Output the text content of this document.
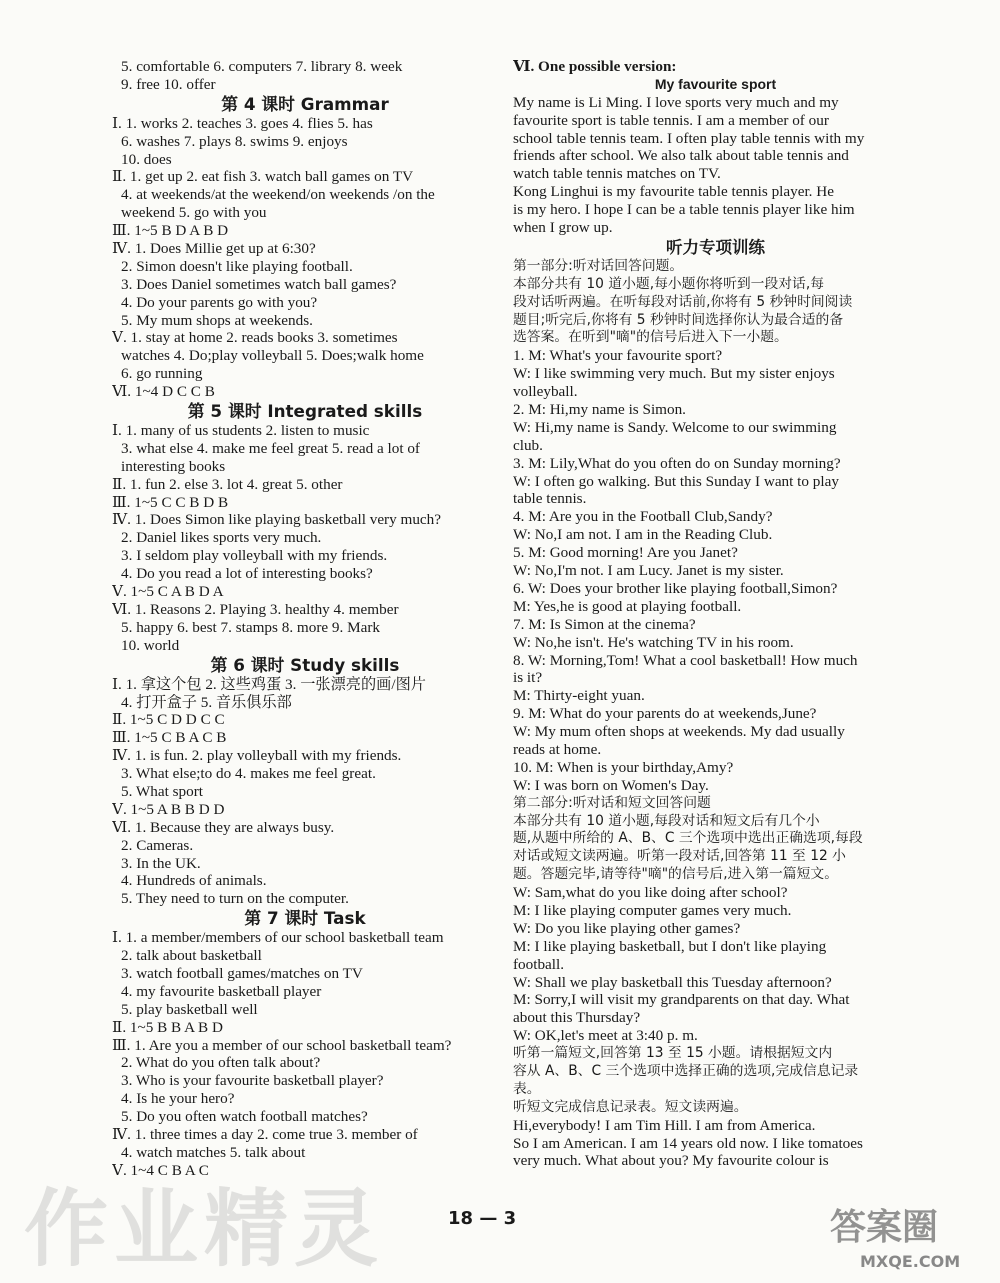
5. comfortable 6. computers 7. library 8. week
9. free 10. offer
第 4 课时 Grammar
Ⅰ. 1. works 2. teaches 3. goes 4. flies 5. has
6. washes 7. plays 8. swims 9. enjoys
10. does
Ⅱ. 1. get up 2. eat fish 3. watch ball games on TV
4. at weekends/at the weekend/on weekends /on the
weekend 5. go with you
Ⅲ. 1~5 B D A B D
Ⅳ. 1. Does Millie get up at 6:30?
2. Simon doesn't like playing football.
3. Does Daniel sometimes watch ball games?
4. Do your parents go with you?
5. My mum shops at weekends.
Ⅴ. 1. stay at home 2. reads books 3. sometimes
watches 4. Do;play volleyball 5. Does;walk home
6. go running
Ⅵ. 1~4 D C C B
第 5 课时 Integrated skills
Ⅰ. 1. many of us students 2. listen to music
3. what else 4. make me feel great 5. read a lot of
interesting books
Ⅱ. 1. fun 2. else 3. lot 4. great 5. other
Ⅲ. 1~5 C C B D B
Ⅳ. 1. Does Simon like playing basketball very much?
2. Daniel likes sports very much.
3. I seldom play volleyball with my friends.
4. Do you read a lot of interesting books?
Ⅴ. 1~5 C A B D A
Ⅵ. 1. Reasons 2. Playing 3. healthy 4. member
5. happy 6. best 7. stamps 8. more 9. Mark
10. world
第 6 课时 Study skills
Ⅰ. 1. 拿这个包 2. 这些鸡蛋 3. 一张漂亮的画/图片
4. 打开盒子 5. 音乐俱乐部
Ⅱ. 1~5 C D D C C
Ⅲ. 1~5 C B A C B
Ⅳ. 1. is fun. 2. play volleyball with my friends.
3. What else;to do 4. makes me feel great.
5. What sport
Ⅴ. 1~5 A B B D D
Ⅵ. 1. Because they are always busy.
2. Cameras.
3. In the UK.
4. Hundreds of animals.
5. They need to turn on the computer.
第 7 课时 Task
Ⅰ. 1. a member/members of our school basketball team
2. talk about basketball
3. watch football games/matches on TV
4. my favourite basketball player
5. play basketball well
Ⅱ. 1~5 B B A B D
Ⅲ. 1. Are you a member of our school basketball team?
2. What do you often talk about?
3. Who is your favourite basketball player?
4. Is he your hero?
5. Do you often watch football matches?
Ⅳ. 1. three times a day 2. come true 3. member of
4. watch matches 5. talk about
Ⅴ. 1~4 C B A C
Ⅵ. One possible version:
My favourite sport
My name is Li Ming. I love sports very much and my
favourite sport is table tennis. I am a member of our
school table tennis team. I often play table tennis with my
friends after school. We also talk about table tennis and
watch table tennis matches on TV.
Kong Linghui is my favourite table tennis player. He
is my hero. I hope I can be a table tennis player like him
when I grow up.
听力专项训练
第一部分:听对话回答问题。
本部分共有 10 道小题,每小题你将听到一段对话,每
段对话听两遍。在听每段对话前,你将有 5 秒钟时间阅读
题目;听完后,你将有 5 秒钟时间选择你认为最合适的备
选答案。在听到"嘀"的信号后进入下一小题。
1. M: What's your favourite sport?
W: I like swimming very much. But my sister enjoys
volleyball.
2. M: Hi,my name is Simon.
W: Hi,my name is Sandy. Welcome to our swimming
club.
3. M: Lily,What do you often do on Sunday morning?
W: I often go walking. But this Sunday I want to play
table tennis.
4. M: Are you in the Football Club,Sandy?
W: No,I am not. I am in the Reading Club.
5. M: Good morning! Are you Janet?
W: No,I'm not. I am Lucy. Janet is my sister.
6. W: Does your brother like playing football,Simon?
M: Yes,he is good at playing football.
7. M: Is Simon at the cinema?
W: No,he isn't. He's watching TV in his room.
8. W: Morning,Tom! What a cool basketball! How much
is it?
M: Thirty-eight yuan.
9. M: What do your parents do at weekends,June?
W: My mum often shops at weekends. My dad usually
reads at home.
10. M: When is your birthday,Amy?
W: I was born on Women's Day.
第二部分:听对话和短文回答问题
本部分共有 10 道小题,每段对话和短文后有几个小
题,从题中所给的 A、B、C 三个选项中选出正确选项,每段
对话或短文读两遍。听第一段对话,回答第 11 至 12 小
题。答题完毕,请等待"嘀"的信号后,进入第一篇短文。
W: Sam,what do you like doing after school?
M: I like playing computer games very much.
W: Do you like playing other games?
M: I like playing basketball, but I don't like playing
football.
W: Shall we play basketball this Tuesday afternoon?
M: Sorry,I will visit my grandparents on that day. What
about this Thursday?
W: OK,let's meet at 3:40 p. m.
听第一篇短文,回答第 13 至 15 小题。请根据短文内
容从 A、B、C 三个选项中选择正确的选项,完成信息记录
表。
听短文完成信息记录表。短文读两遍。
Hi,everybody! I am Tim Hill. I am from America.
So I am American. I am 14 years old now. I like tomatoes
very much. What about you? My favourite colour is
18 — 3
作业精灵	答案圈
MXQE.COM
